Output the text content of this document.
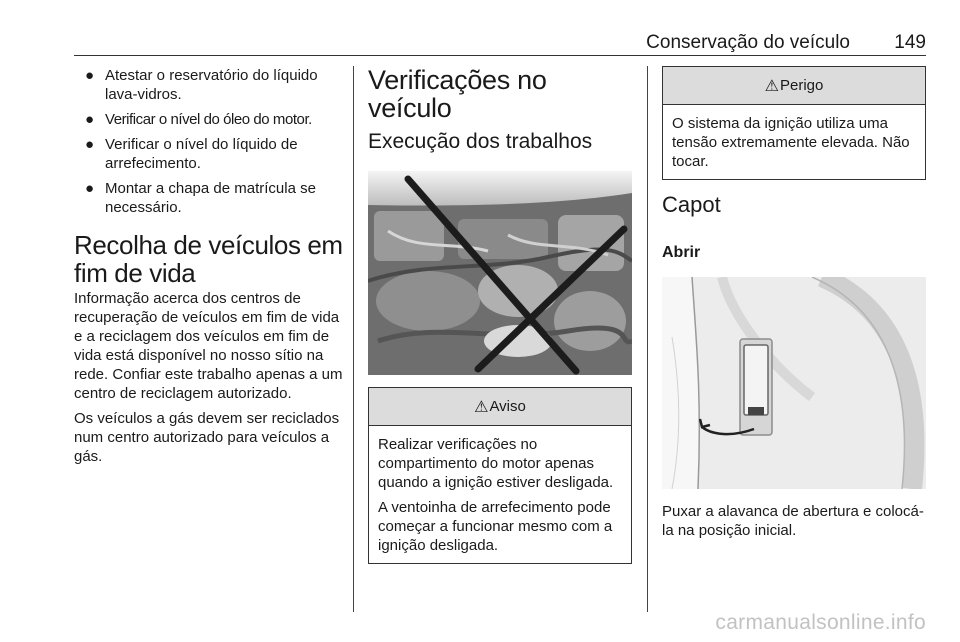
Conservação do veículo	149
● Atestar o reservatório do líquido lava-vidros.
● Verificar o nível do óleo do motor.
● Verificar o nível do líquido de arrefecimento.
● Montar a chapa de matrícula se necessário.
Recolha de veículos em fim de vida

Informação acerca dos centros de recuperação de veículos em fim de vida e a reciclagem dos veículos em fim de vida está disponível no nosso sítio na rede. Confiar este trabalho apenas a um centro de reciclagem autorizado.

Os veículos a gás devem ser reciclados num centro autorizado para veículos a gás.

Verificações no veículo
Execução dos trabalhos
⚠ Aviso

Realizar verificações no compartimento do motor apenas quando a ignição estiver desligada.

A ventoinha de arrefecimento pode começar a funcionar mesmo com a ignição desligada.

⚠ Perigo

O sistema da ignição utiliza uma tensão extremamente elevada. Não tocar.

Capot
Abrir

Puxar a alavanca de abertura e colocá-la na posição inicial.

carmanualsonline.info
